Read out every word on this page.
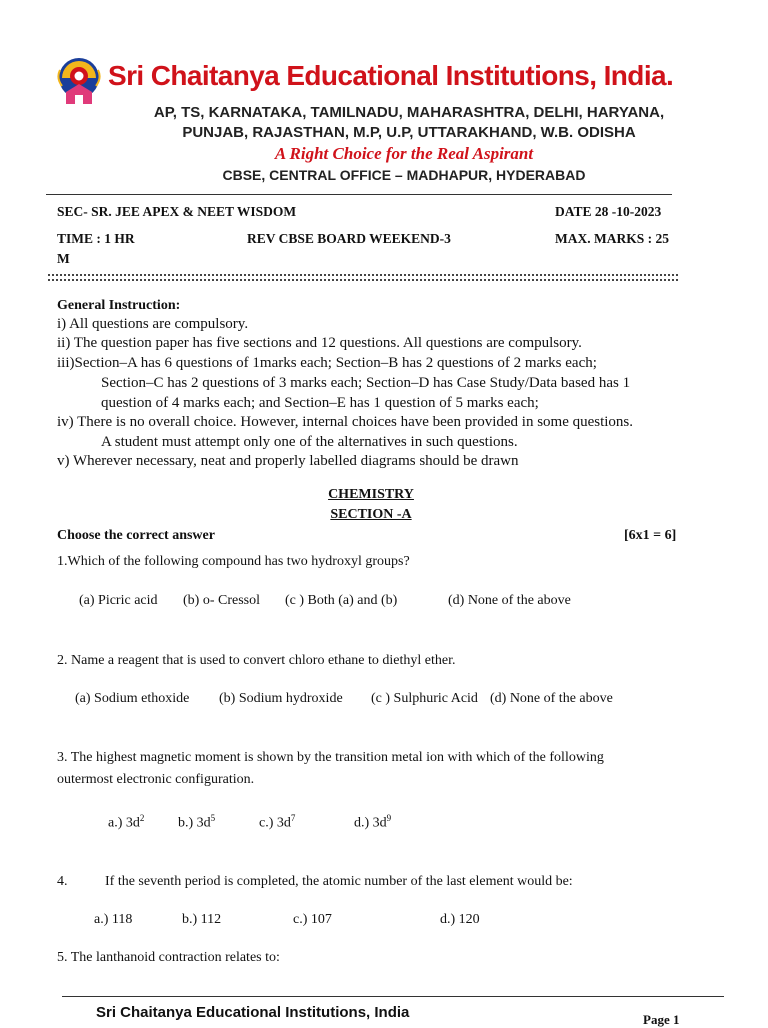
Sri Chaitanya Educational Institutions, India.
AP, TS, KARNATAKA, TAMILNADU, MAHARASHTRA, DELHI, HARYANA,
PUNJAB, RAJASTHAN, M.P, U.P, UTTARAKHAND, W.B. ODISHA
A Right Choice for the Real Aspirant
CBSE, CENTRAL OFFICE – MADHAPUR, HYDERABAD
SEC- SR. JEE APEX & NEET WISDOM	DATE 28 -10-2023
TIME : 1 HR
M
REV CBSE BOARD WEEKEND-3	MAX. MARKS : 25
General Instruction:
i) All questions are compulsory.
ii) The question paper has five sections and 12 questions. All questions are compulsory.
iii)Section–A has 6 questions of 1marks each; Section–B has 2 questions of 2 marks each;
Section–C has 2 questions of 3 marks each; Section–D has Case Study/Data based has 1
question of 4 marks each; and Section–E has 1 question of 5 marks each;
iv) There is no overall choice. However, internal choices have been provided in some questions.
A student must attempt only one of the alternatives in such questions.
v) Wherever necessary, neat and properly labelled diagrams should be drawn
CHEMISTRY
SECTION -A
Choose the correct answer	[6x1 = 6]
1.Which of the following compound has two hydroxyl groups?
(a) Picric acid (b) o- Cressol (c ) Both (a) and (b)	(d) None of the above
2. Name a reagent that is used to convert chloro ethane to diethyl ether.
(a) Sodium ethoxide (b) Sodium hydroxide (c ) Sulphuric Acid (d) None of the above
3. The highest magnetic moment is shown by the transition metal ion with which of the following
outermost electronic configuration.
a.) $3d^2$ b.) $3d^5$	c.) $3d^7$	d.) $3d^9$
4.	If the seventh period is completed, the atomic number of the last element would be:
a.) 118	b.) 112	c.) 107	d.) 120
5. The lanthanoid contraction relates to:
Sri Chaitanya Educational Institutions, India	Page 1
